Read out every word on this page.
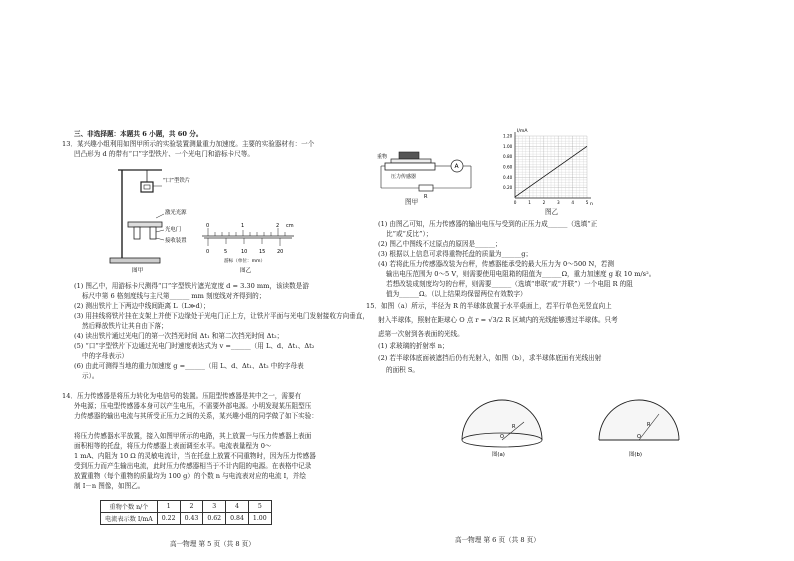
三、非选择题：本题共 6 小题，共 60 分。
13．某兴趣小组利用如图甲所示的实验装置测量重力加速度。主要的实验器材有：一个
凹凸形为 d 的带有“口”字型铁片、一个光电门和游标卡尺等。
“口”型铁片
激光光源
光电门
接收装置
图甲
0	1	2 cm
0	5	10 15 20
游标（单位：mm）
图乙
(1) 图乙中，用游标卡尺测得“口”字型铁片遮光宽度 d = 3.30 mm，该读数是游
标尺中第 6 格刻度线与主尺第______ mm 刻度线对齐得到的；
(2) 测出铁片上下两边中线间距离 L（L≫d）；
(3) 用挂线将铁片挂在支架上并使下边缘处于光电门正上方，让铁片平面与光电门发射接收方向垂直，
然后释放铁片让其自由下落；
(4) 读出铁片通过光电门的第一次挡光时间 Δt₁ 和第二次挡光时间 Δt₂；
(5) “口”字型铁片下边通过光电门时速度表达式为 v =______（用 L、d、Δt₁、Δt₂
中的字母表示）
(6) 由此可测得当地的重力加速度 g =______（用 L、d、Δt₁、Δt₂ 中的字母表
示）。
14．压力传感器是将压力转化为电信号的装置。压阻型传感器是其中之一，需要有
外电源；压电型传感器本身可以产生电压，不需要外部电源。小明发现某压阻型压
力传感器的输出电流与其所受正压力之间的关系，某兴趣小组的同学做了如下实验：
将压力传感器水平放置，接入如图甲所示的电路，其上放置一与压力传感器上表面
面积相等的托盘，将压力传感器上表面调至水平。电流表量程为 0～
1 mA、内阻为 10 Ω 的灵敏电流计，当在托盘上放置不同重物时，因为压力传感器
受到压力而产生输出电流，此时压力传感器相当于不计内阻的电源。在表格中记录
放置重物（每个重物的质量均为 100 g）的个数 n 与电流表对应的电流 I，并绘
制 I－n 图像，如图乙。
重物个数 n/个	1	2	3	4	5
电流表示数 I/mA	0.22	0.43	0.62	0.84	1.00
高一物理 第 5 页（共 8 页）
重物
压力传感器
A
R
图甲
I/mA
n
0.20
0.40
0.60
0.80
1.00
1.20
0	1	2	3	4	5
图乙
(1) 由图乙可知，压力传感器的输出电压与受到的正压力成______（选填“正
比”或“反比”）；
(2) 图乙中图线不过原点的原因是______；
(3) 根据以上信息可求得重物托盘的质量为______g；
(4) 若将此压力传感器改装为台秤，传感器能承受的最大压力为 0～500 N，若测
输出电压范围为 0～5 V，则需要使用电阻箱的阻值为______Ω，重力加速度 g 取 10 m/s²。
若想改装成刻度均匀的台秤，则需要______（选填“串联”或“并联”）一个电阻 R 的阻
值为______Ω。（以上结果均保留两位有效数字）
15．如图（a）所示，半径为 R 的半球体放置于水平桌面上，若平行单色光竖直向上
射入半球体，照射在距球心 O 点 r = √3/2 R 区域内的光线能够透过半球体。只考
虑第一次射到各表面的光线。
(1) 求玻璃的折射率 n；
(2) 若半球体底面被遮挡后仍有光射入，如图（b），求半球体底面有光线出射
的面积 S。
O
R
图(a)
O
R
图(b)
高一物理 第 6 页（共 8 页）
